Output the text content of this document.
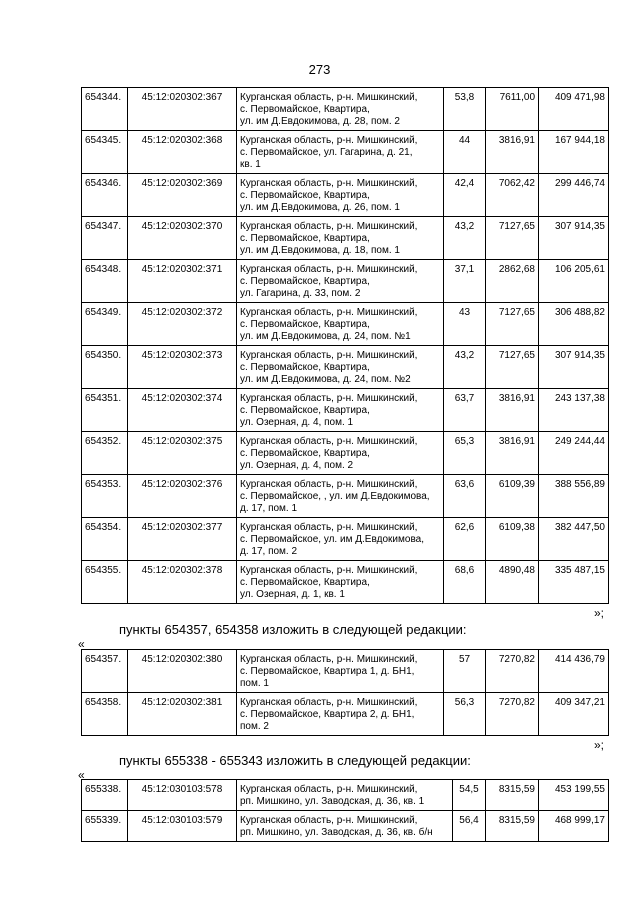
273
654344.	45:12:020302:367	Курганская область, р-н. Мишкинский,
с. Первомайское, Квартира,
ул. им Д.Евдокимова, д. 28, пом. 2	53,8	7611,00	409 471,98
654345.	45:12:020302:368	Курганская область, р-н. Мишкинский,
с. Первомайское, ул. Гагарина, д. 21,
кв. 1	44	3816,91	167 944,18
654346.	45:12:020302:369	Курганская область, р-н. Мишкинский,
с. Первомайское, Квартира,
ул. им Д.Евдокимова, д. 26, пом. 1	42,4	7062,42	299 446,74
654347.	45:12:020302:370	Курганская область, р-н. Мишкинский,
с. Первомайское, Квартира,
ул. им Д.Евдокимова, д. 18, пом. 1	43,2	7127,65	307 914,35
654348.	45:12:020302:371	Курганская область, р-н. Мишкинский,
с. Первомайское, Квартира,
ул. Гагарина, д. 33, пом. 2	37,1	2862,68	106 205,61
654349.	45:12:020302:372	Курганская область, р-н. Мишкинский,
с. Первомайское, Квартира,
ул. им Д.Евдокимова, д. 24, пом. №1	43	7127,65	306 488,82
654350.	45:12:020302:373	Курганская область, р-н. Мишкинский,
с. Первомайское, Квартира,
ул. им Д.Евдокимова, д. 24, пом. №2	43,2	7127,65	307 914,35
654351.	45:12:020302:374	Курганская область, р-н. Мишкинский,
с. Первомайское, Квартира,
ул. Озерная, д. 4, пом. 1	63,7	3816,91	243 137,38
654352.	45:12:020302:375	Курганская область, р-н. Мишкинский,
с. Первомайское, Квартира,
ул. Озерная, д. 4, пом. 2	65,3	3816,91	249 244,44
654353.	45:12:020302:376	Курганская область, р-н. Мишкинский,
с. Первомайское, , ул. им Д.Евдокимова,
д. 17, пом. 1	63,6	6109,39	388 556,89
654354.	45:12:020302:377	Курганская область, р-н. Мишкинский,
с. Первомайское, ул. им Д.Евдокимова,
д. 17, пом. 2	62,6	6109,38	382 447,50
654355.	45:12:020302:378	Курганская область, р-н. Мишкинский,
с. Первомайское, Квартира,
ул. Озерная, д. 1, кв. 1	68,6	4890,48	335 487,15
»;
пункты 654357, 654358 изложить в следующей редакции:
«
654357.	45:12:020302:380	Курганская область, р-н. Мишкинский,
с. Первомайское, Квартира 1, д. БН1,
пом. 1	57	7270,82	414 436,79
654358.	45:12:020302:381	Курганская область, р-н. Мишкинский,
с. Первомайское, Квартира 2, д. БН1,
пом. 2	56,3	7270,82	409 347,21
»;
пункты 655338 - 655343 изложить в следующей редакции:
«
655338.	45:12:030103:578	Курганская область, р-н. Мишкинский,
рп. Мишкино, ул. Заводская, д. 36, кв. 1	54,5	8315,59	453 199,55
655339.	45:12:030103:579	Курганская область, р-н. Мишкинский,
рп. Мишкино, ул. Заводская, д. 36, кв. б/н	56,4	8315,59	468 999,17
